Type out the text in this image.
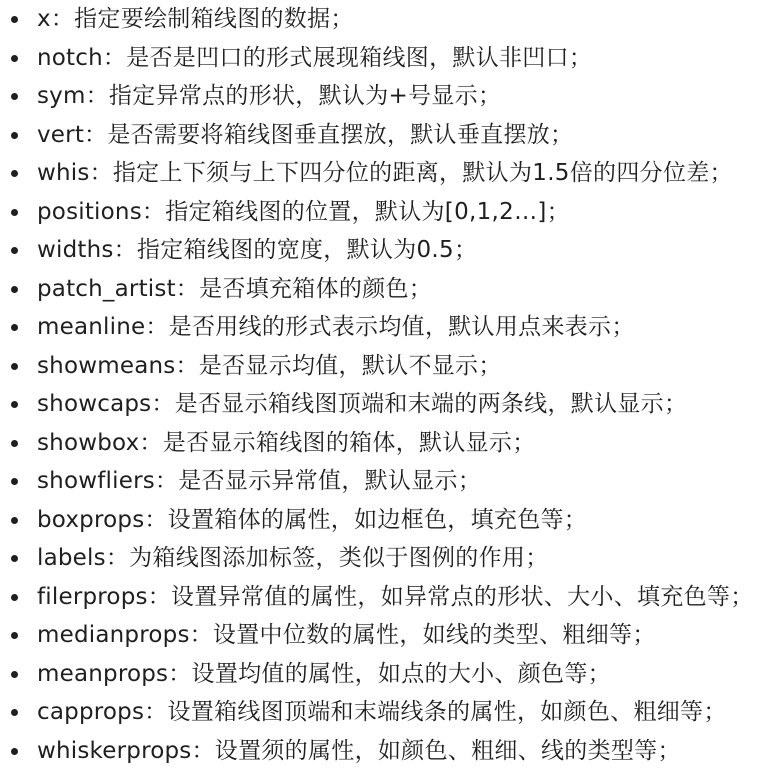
x：指定要绘制箱线图的数据；
notch：是否是凹口的形式展现箱线图，默认非凹口；
sym：指定异常点的形状，默认为+号显示；
vert：是否需要将箱线图垂直摆放，默认垂直摆放；
whis：指定上下须与上下四分位的距离，默认为1.5倍的四分位差；
positions：指定箱线图的位置，默认为[0,1,2…]；
widths：指定箱线图的宽度，默认为0.5；
patch_artist：是否填充箱体的颜色；
meanline：是否用线的形式表示均值，默认用点来表示；
showmeans：是否显示均值，默认不显示；
showcaps：是否显示箱线图顶端和末端的两条线，默认显示；
showbox：是否显示箱线图的箱体，默认显示；
showfliers：是否显示异常值，默认显示；
boxprops：设置箱体的属性，如边框色，填充色等；
labels：为箱线图添加标签，类似于图例的作用；
filerprops：设置异常值的属性，如异常点的形状、大小、填充色等；
medianprops：设置中位数的属性，如线的类型、粗细等；
meanprops：设置均值的属性，如点的大小、颜色等；
capprops：设置箱线图顶端和末端线条的属性，如颜色、粗细等；
whiskerprops：设置须的属性，如颜色、粗细、线的类型等；
